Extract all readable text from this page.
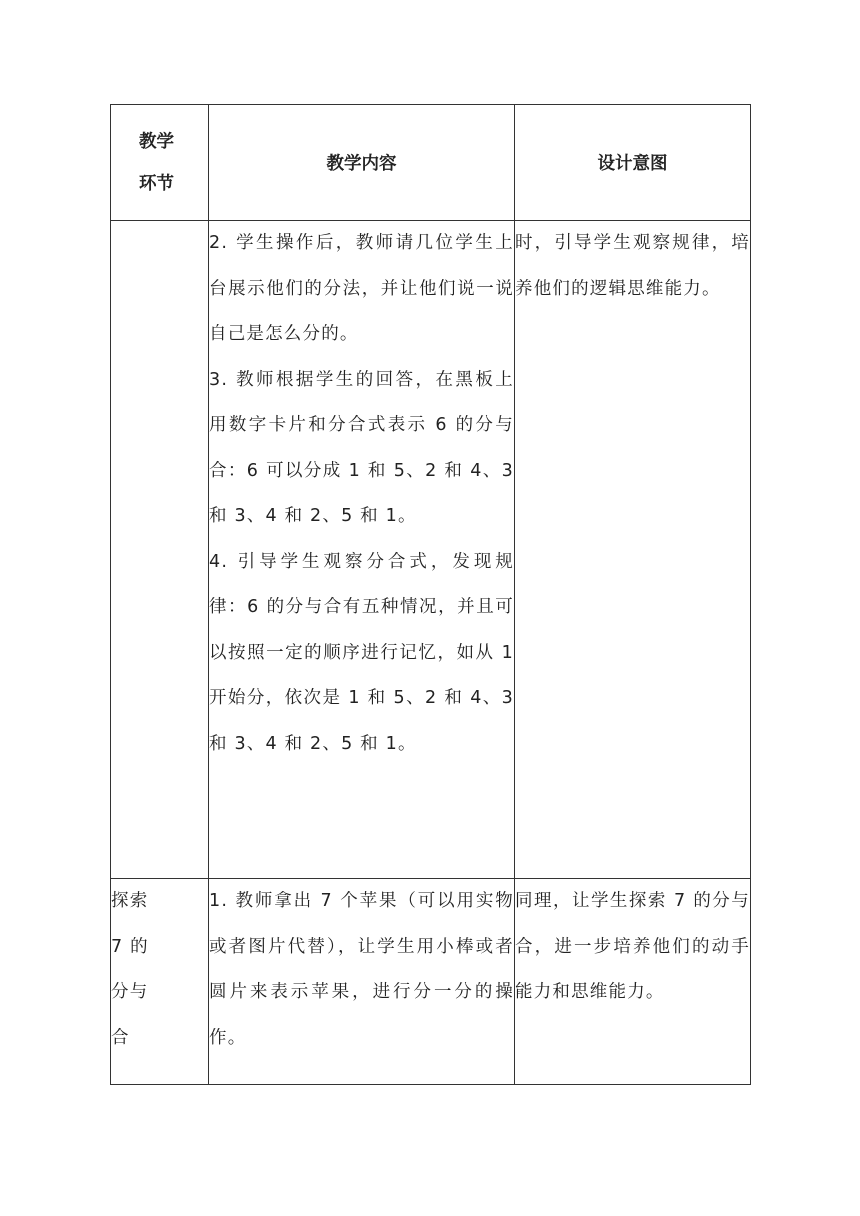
教学
环节	教学内容	设计意图

	2. 学生操作后，教师请几位学生上台展示他们的分法，并让他们说一说自己是怎么分的。

3. 教师根据学生的回答，在黑板上用数字卡片和分合式表示 6 的分与合：6 可以分成 1 和 5、2 和 4、3 和 3、4 和 2、5 和 1。

4. 引导学生观察分合式，发现规律：6 的分与合有五种情况，并且可以按照一定的顺序进行记忆，如从 1 开始分，依次是 1 和 5、2 和 4、3 和 3、4 和 2、5 和 1。	时，引导学生观察规律，培养他们的逻辑思维能力。

探索
7 的
分与
合	1. 教师拿出 7 个苹果（可以用实物或者图片代替），让学生用小棒或者圆片来表示苹果，进行分一分的操作。	同理，让学生探索 7 的分与合，进一步培养他们的动手能力和思维能力。
